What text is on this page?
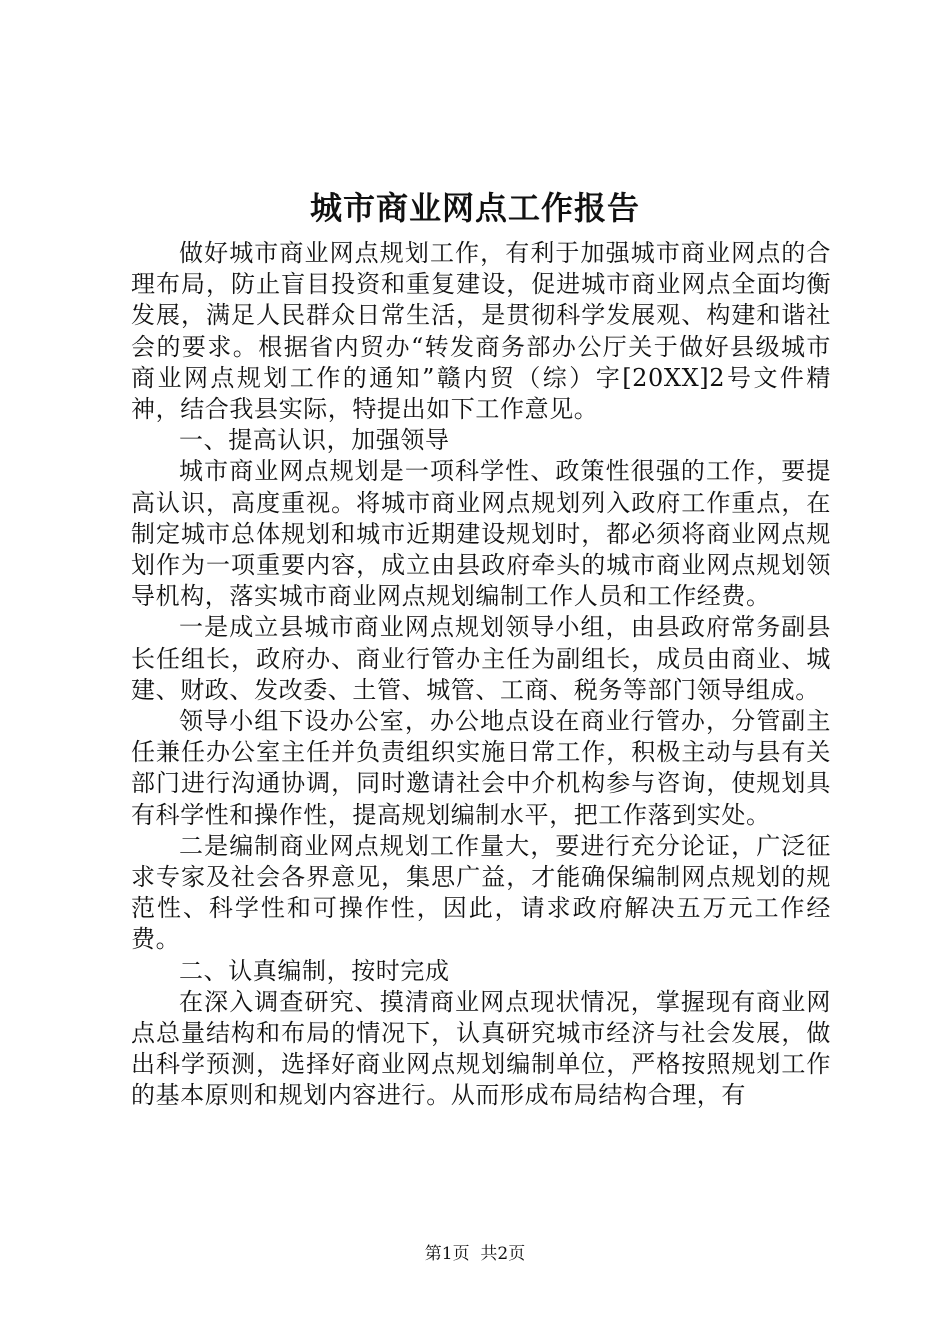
城市商业网点工作报告

做好城市商业网点规划工作，有利于加强城市商业网点的合理布局，防止盲目投资和重复建设，促进城市商业网点全面均衡发展，满足人民群众日常生活，是贯彻科学发展观、构建和谐社会的要求。根据省内贸办“转发商务部办公厅关于做好县级城市商业网点规划工作的通知”赣内贸（综）字[20XX]2号文件精神，结合我县实际，特提出如下工作意见。

一、提高认识，加强领导

城市商业网点规划是一项科学性、政策性很强的工作，要提高认识，高度重视。将城市商业网点规划列入政府工作重点，在制定城市总体规划和城市近期建设规划时，都必须将商业网点规划作为一项重要内容，成立由县政府牵头的城市商业网点规划领导机构，落实城市商业网点规划编制工作人员和工作经费。

一是成立县城市商业网点规划领导小组，由县政府常务副县长任组长，政府办、商业行管办主任为副组长，成员由商业、城建、财政、发改委、土管、城管、工商、税务等部门领导组成。

领导小组下设办公室，办公地点设在商业行管办，分管副主任兼任办公室主任并负责组织实施日常工作，积极主动与县有关部门进行沟通协调，同时邀请社会中介机构参与咨询，使规划具有科学性和操作性，提高规划编制水平，把工作落到实处。

二是编制商业网点规划工作量大，要进行充分论证，广泛征求专家及社会各界意见，集思广益，才能确保编制网点规划的规范性、科学性和可操作性，因此，请求政府解决五万元工作经费。

二、认真编制，按时完成

在深入调查研究、摸清商业网点现状情况，掌握现有商业网点总量结构和布局的情况下，认真研究城市经济与社会发展，做出科学预测，选择好商业网点规划编制单位，严格按照规划工作的基本原则和规划内容进行。从而形成布局结构合理，有

第1页 共2页
